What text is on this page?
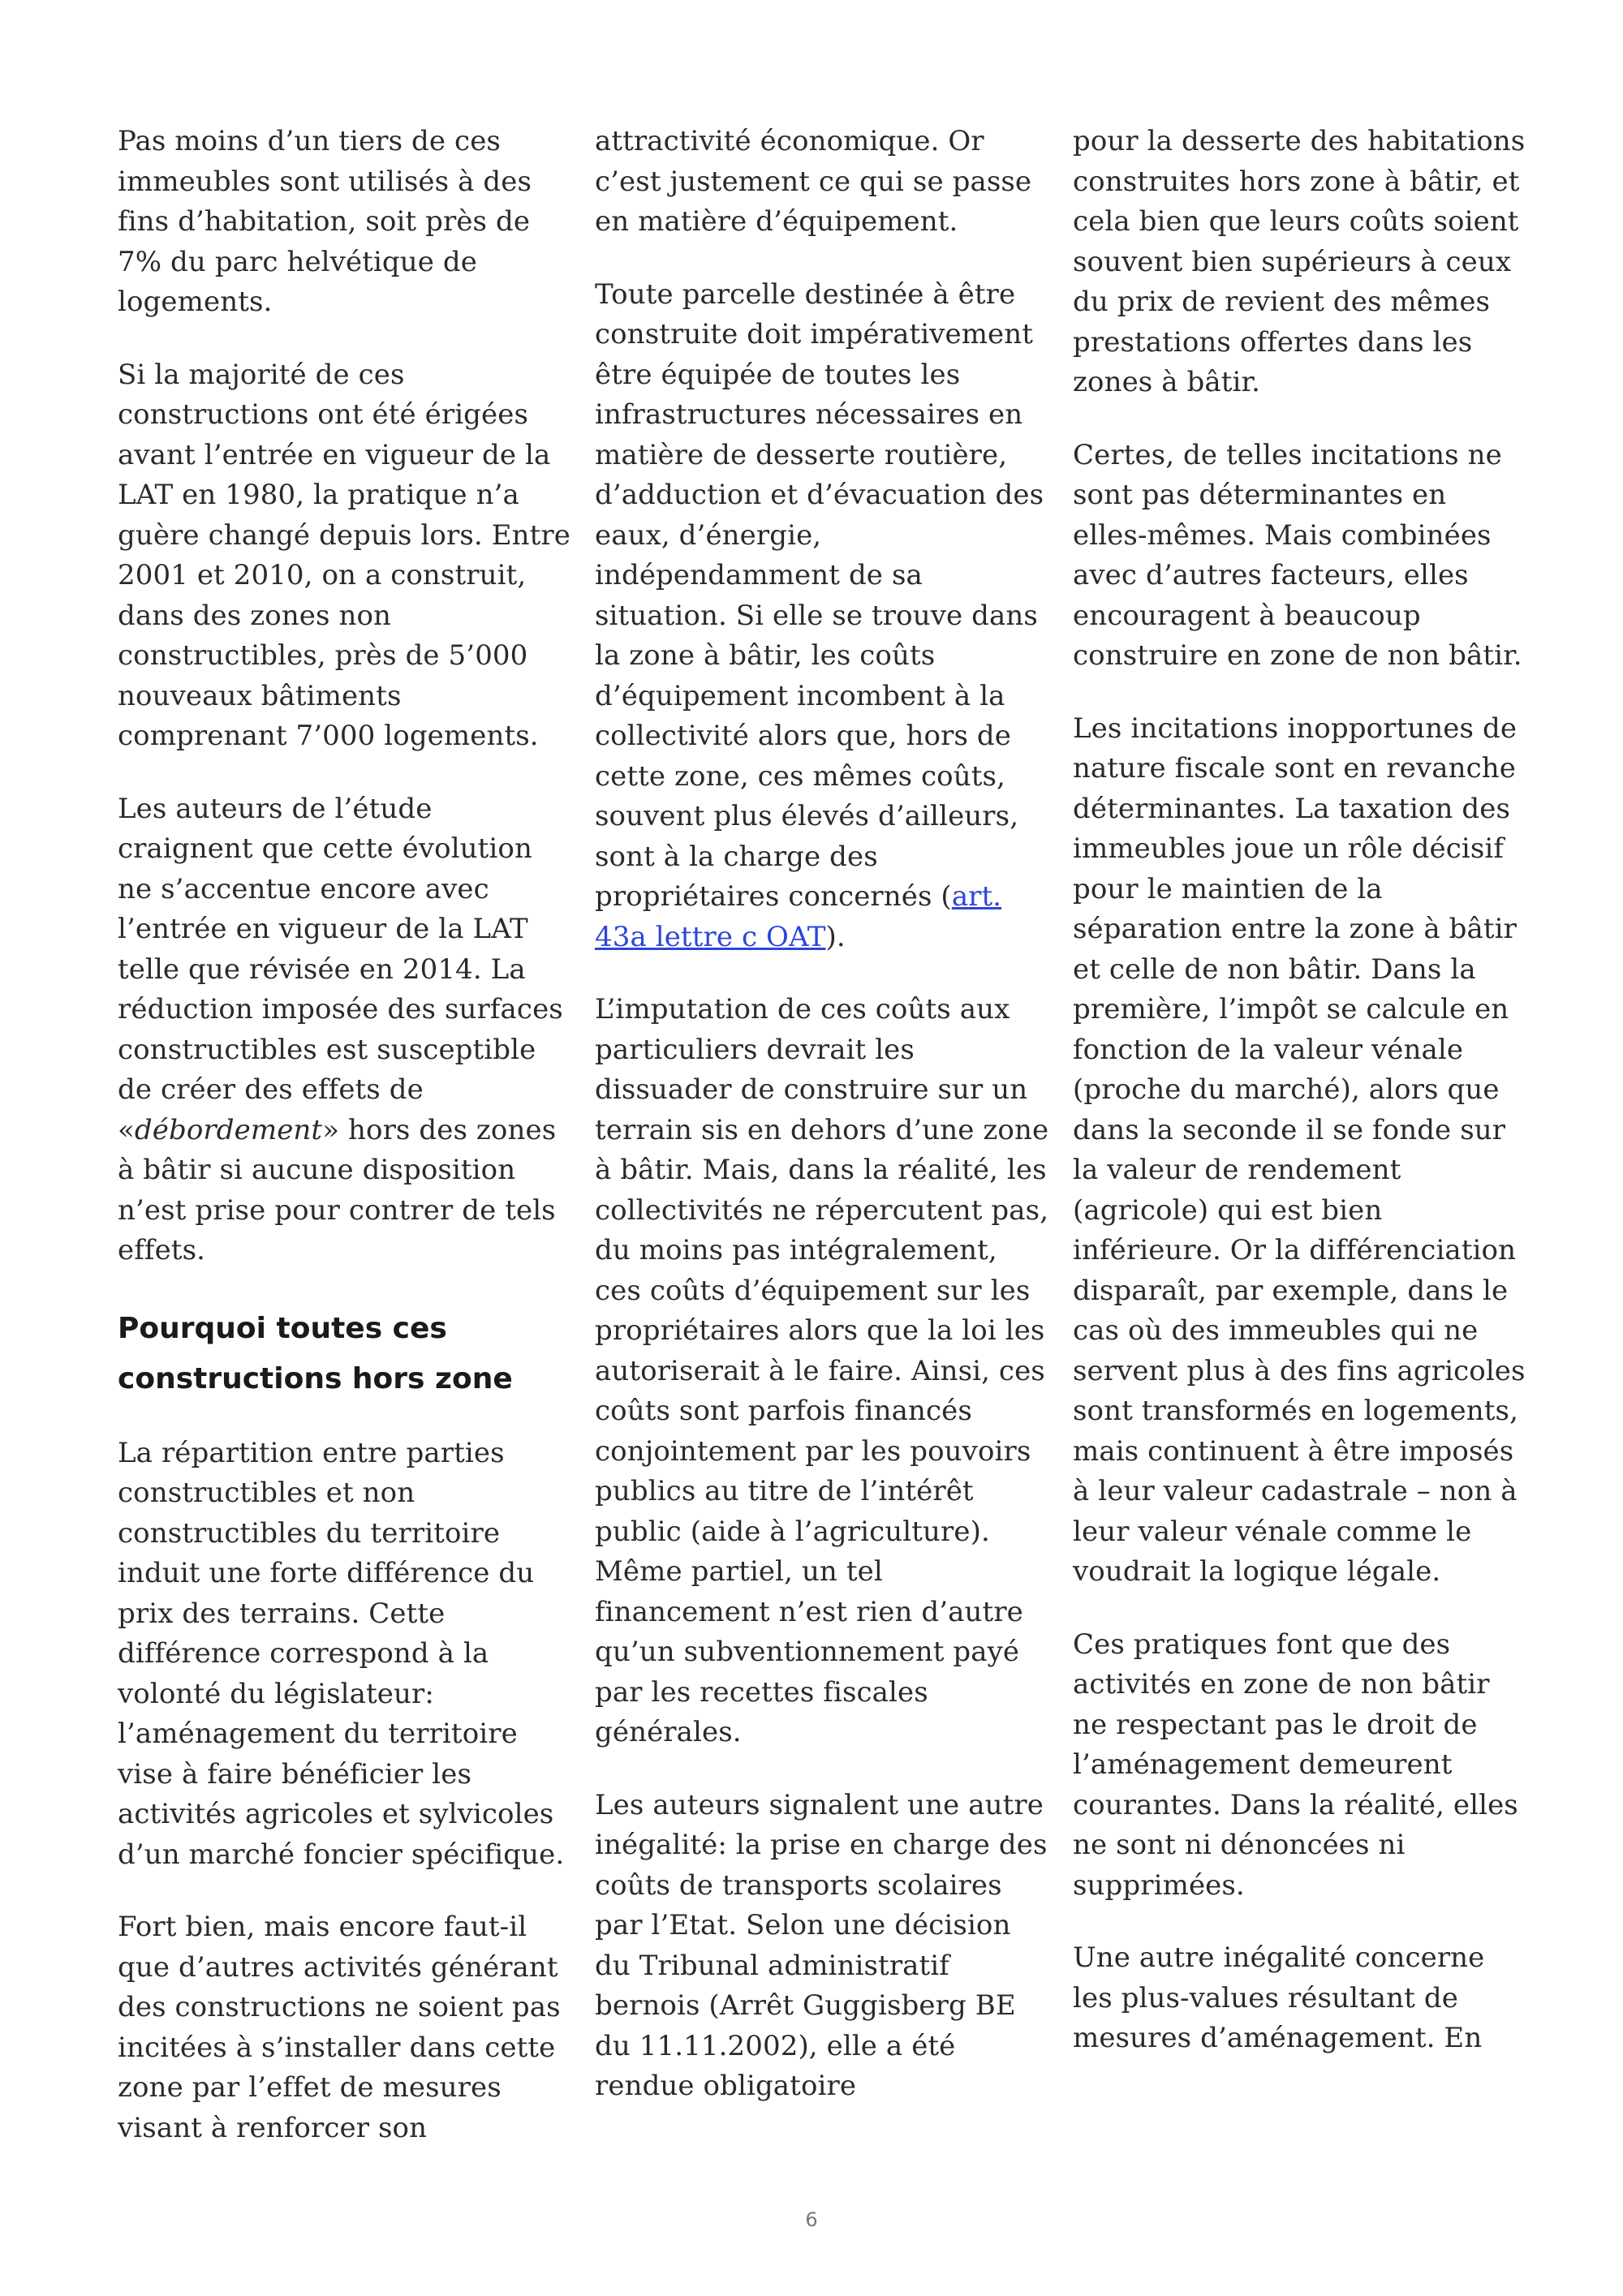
Pas moins d’un tiers de ces immeubles sont utilisés à des fins d’habitation, soit près de 7% du parc helvétique de logements.

Si la majorité de ces constructions ont été érigées avant l’entrée en vigueur de la LAT en 1980, la pratique n’a guère changé depuis lors. Entre 2001 et 2010, on a construit, dans des zones non constructibles, près de 5’000 nouveaux bâtiments comprenant 7’000 logements.

Les auteurs de l’étude craignent que cette évolution ne s’accentue encore avec l’entrée en vigueur de la LAT telle que révisée en 2014. La réduction imposée des surfaces constructibles est susceptible de créer des effets de «débordement» hors des zones à bâtir si aucune disposition n’est prise pour contrer de tels effets.

Pourquoi toutes ces constructions hors zone

La répartition entre parties constructibles et non constructibles du territoire induit une forte différence du prix des terrains. Cette différence correspond à la volonté du législateur: l’aménagement du territoire vise à faire bénéficier les activités agricoles et sylvicoles d’un marché foncier spécifique.

Fort bien, mais encore faut-il que d’autres activités générant des constructions ne soient pas incitées à s’installer dans cette zone par l’effet de mesures visant à renforcer son

attractivité économique. Or c’est justement ce qui se passe en matière d’équipement.

Toute parcelle destinée à être construite doit impérativement être équipée de toutes les infrastructures nécessaires en matière de desserte routière, d’adduction et d’évacuation des eaux, d’énergie, indépendamment de sa situation. Si elle se trouve dans la zone à bâtir, les coûts d’équipement incombent à la collectivité alors que, hors de cette zone, ces mêmes coûts, souvent plus élevés d’ailleurs, sont à la charge des propriétaires concernés (art. 43a lettre c OAT).

L’imputation de ces coûts aux particuliers devrait les dissuader de construire sur un terrain sis en dehors d’une zone à bâtir. Mais, dans la réalité, les collectivités ne répercutent pas, du moins pas intégralement, ces coûts d’équipement sur les propriétaires alors que la loi les autoriserait à le faire. Ainsi, ces coûts sont parfois financés conjointement par les pouvoirs publics au titre de l’intérêt public (aide à l’agriculture). Même partiel, un tel financement n’est rien d’autre qu’un subventionnement payé par les recettes fiscales générales.

Les auteurs signalent une autre inégalité: la prise en charge des coûts de transports scolaires par l’Etat. Selon une décision du Tribunal administratif bernois (Arrêt Guggisberg BE du 11.11.2002), elle a été rendue obligatoire

pour la desserte des habitations construites hors zone à bâtir, et cela bien que leurs coûts soient souvent bien supérieurs à ceux du prix de revient des mêmes prestations offertes dans les zones à bâtir.

Certes, de telles incitations ne sont pas déterminantes en elles-mêmes. Mais combinées avec d’autres facteurs, elles encouragent à beaucoup construire en zone de non bâtir.

Les incitations inopportunes de nature fiscale sont en revanche déterminantes. La taxation des immeubles joue un rôle décisif pour le maintien de la séparation entre la zone à bâtir et celle de non bâtir. Dans la première, l’impôt se calcule en fonction de la valeur vénale (proche du marché), alors que dans la seconde il se fonde sur la valeur de rendement (agricole) qui est bien inférieure. Or la différenciation disparaît, par exemple, dans le cas où des immeubles qui ne servent plus à des fins agricoles sont transformés en logements, mais continuent à être imposés à leur valeur cadastrale – non à leur valeur vénale comme le voudrait la logique légale.

Ces pratiques font que des activités en zone de non bâtir ne respectant pas le droit de l’aménagement demeurent courantes. Dans la réalité, elles ne sont ni dénoncées ni supprimées.

Une autre inégalité concerne les plus-values résultant de mesures d’aménagement. En

6
